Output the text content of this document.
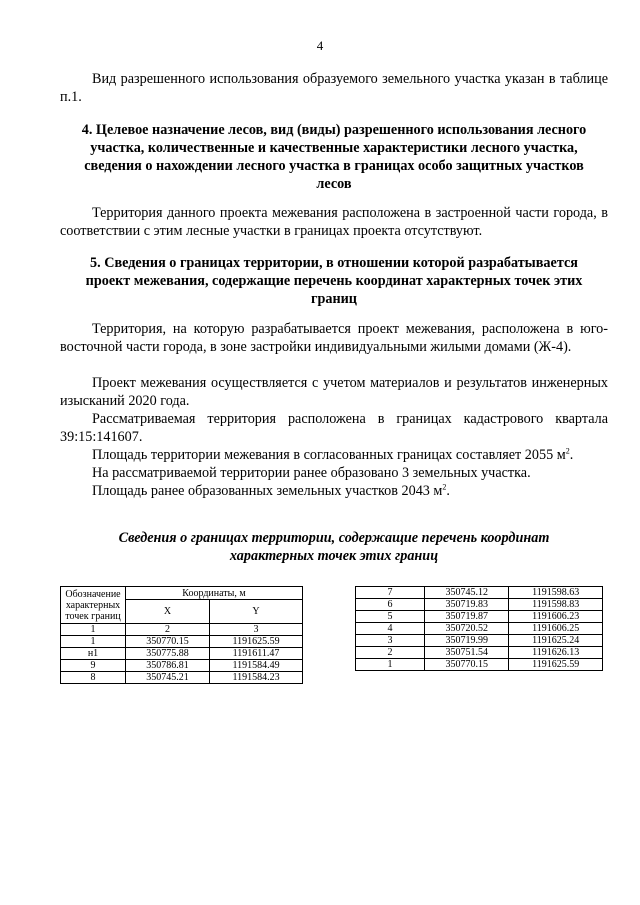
4
Вид разрешенного использования образуемого земельного участка указан в таблице п.1.
4. Целевое назначение лесов, вид (виды) разрешенного использования лесного участка, количественные и качественные характеристики лесного участка, сведения о нахождении лесного участка в границах особо защитных участков лесов
Территория данного проекта межевания расположена в застроенной части города, в соответствии с этим лесные участки в границах проекта отсутствуют.
5. Сведения о границах территории, в отношении которой разрабатывается проект межевания, содержащие перечень координат характерных точек этих границ
Территория, на которую разрабатывается проект межевания, расположена в юго-восточной части города, в зоне застройки индивидуальными жилыми домами (Ж-4).
Проект межевания осуществляется с учетом материалов и результатов инженерных изысканий 2020 года.
Рассматриваемая территория расположена в границах кадастрового квартала 39:15:141607.
Площадь территории межевания в согласованных границах составляет 2055 $м^2$.
На рассматриваемой территории ранее образовано 3 земельных участка.
Площадь ранее образованных земельных участков 2043 $м^2$.
Сведения о границах территории, содержащие перечень координат характерных точек этих границ
Обозначение характерных точек границ	Координаты, м	
	X	Y
1	2	3
1	350770.15	1191625.59
н1	350775.88	1191611.47
9	350786.81	1191584.49
8	350745.21	1191584.23
7	350745.12	1191598.63
6	350719.83	1191598.83
5	350719.87	1191606.23
4	350720.52	1191606.25
3	350719.99	1191625.24
2	350751.54	1191626.13
1	350770.15	1191625.59
